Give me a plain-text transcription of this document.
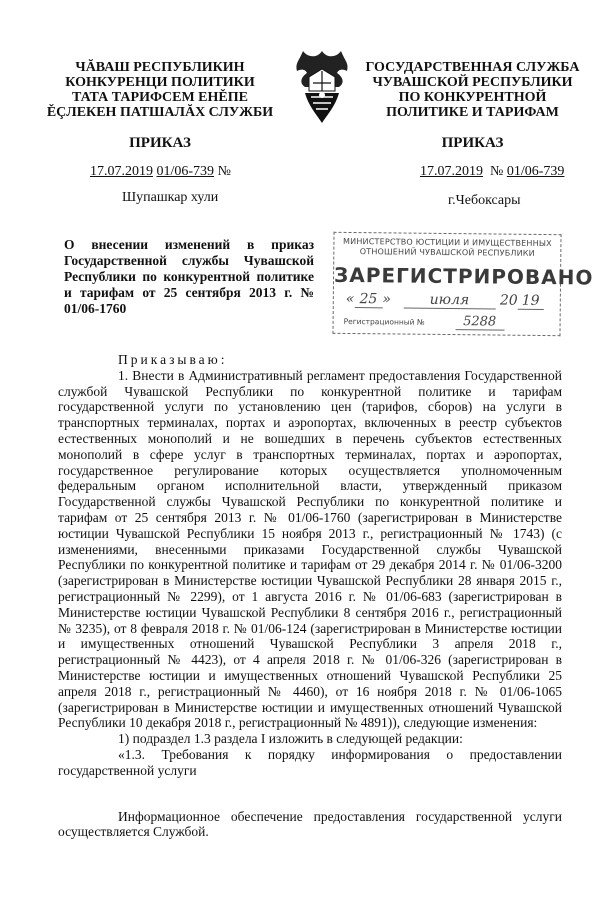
ЧĂВАШ РЕСПУБЛИКИН
КОНКУРЕНЦИ ПОЛИТИКИ
ТАТА ТАРИФСЕМ ЕНĚПЕ
ĚÇЛЕКЕН ПАТШАЛĂХ СЛУЖБИ
ГОСУДАРСТВЕННАЯ СЛУЖБА
ЧУВАШСКОЙ РЕСПУБЛИКИ
ПО КОНКУРЕНТНОЙ
ПОЛИТИКЕ И ТАРИФАМ
ПРИКАЗ	ПРИКАЗ
17.07.2019 01/06-739 №	17.07.2019 № 01/06-739
Шупашкар хули	г.Чебоксары
О внесении изменений в приказ Государственной службы Чувашской Республики по конкурентной политике и тарифам от 25 сентября 2013 г. № 01/06-1760
МИНИСТЕРСТВО ЮСТИЦИИ И ИМУЩЕСТВЕННЫХ ОТНОШЕНИЙ ЧУВАШСКОЙ РЕСПУБЛИКИ
ЗАРЕГИСТРИРОВАНО
« 25 » июля 20 19
Регистрационный №	5288

Приказываю:

1. Внести в Административный регламент предоставления Государственной службой Чувашской Республики по конкурентной политике и тарифам государственной услуги по установлению цен (тарифов, сборов) на услуги в транспортных терминалах, портах и аэропортах, включенных в реестр субъектов естественных монополий и не вошедших в перечень субъектов естественных монополий в сфере услуг в транспортных терминалах, портах и аэропортах, государственное регулирование которых осуществляется уполномоченным федеральным органом исполнительной власти, утвержденный приказом Государственной службы Чувашской Республики по конкурентной политике и тарифам от 25 сентября 2013 г. № 01/06-1760 (зарегистрирован в Министерстве юстиции Чувашской Республики 15 ноября 2013 г., регистрационный № 1743) (с изменениями, внесенными приказами Государственной службы Чувашской Республики по конкурентной политике и тарифам от 29 декабря 2014 г. № 01/06-3200 (зарегистрирован в Министерстве юстиции Чувашской Республики 28 января 2015 г., регистрационный № 2299), от 1 августа 2016 г. № 01/06-683 (зарегистрирован в Министерстве юстиции Чувашской Республики 8 сентября 2016 г., регистрационный № 3235), от 8 февраля 2018 г. № 01/06-124 (зарегистрирован в Министерстве юстиции и имущественных отношений Чувашской Республики 3 апреля 2018 г., регистрационный № 4423), от 4 апреля 2018 г. № 01/06-326 (зарегистрирован в Министерстве юстиции и имущественных отношений Чувашской Республики 25 апреля 2018 г., регистрационный № 4460), от 16 ноября 2018 г. № 01/06-1065 (зарегистрирован в Министерстве юстиции и имущественных отношений Чувашской Республики 10 декабря 2018 г., регистрационный № 4891)), следующие изменения:

1) подраздел 1.3 раздела I изложить в следующей редакции:

«1.3. Требования к порядку информирования о предоставлении государственной услуги

Информационное обеспечение предоставления государственной услуги осуществляется Службой.
